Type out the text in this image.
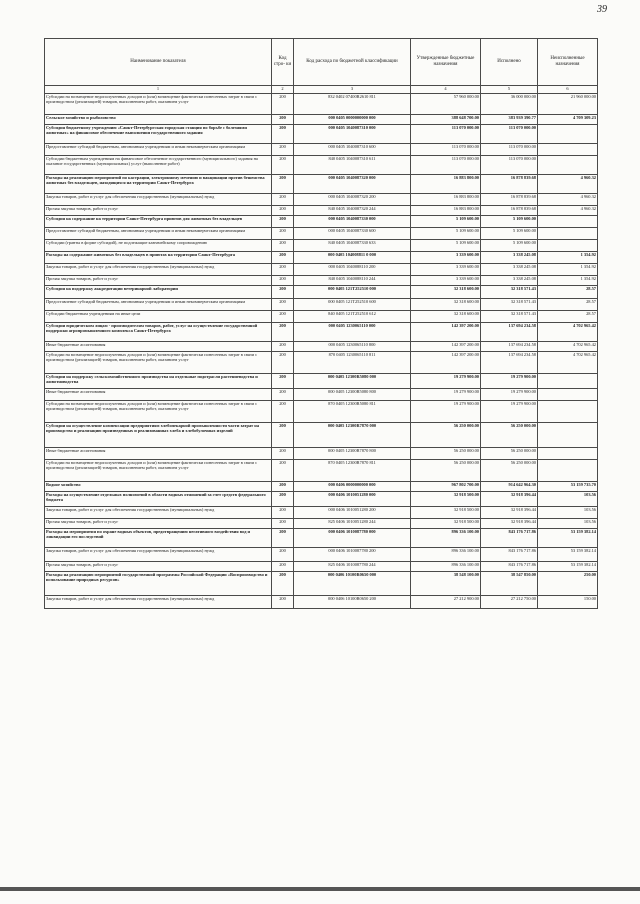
39
Наименование показателя	Код стро- ки	Код расхода по бюджетной классификации	Утвержденные бюджетные назначения	Исполнено	Неисполненные назначения
1	2	3	4	5	6
Субсидии на возмещение недополученных доходов и (или) возмещение фактически понесенных затрат в связи с производством (реализацией) товаров, выполнением работ, оказанием услуг	200	832 0402 07400R2610 811	57 960 000.00	36 000 000.00	21 960 000.00
Сельское хозяйство и рыболовство	200	000 0405 0000000000 000	388 648 700.00	383 939 390.77	4 709 309.23
Субсидия бюджетному учреждению «Санкт-Петербургская городская станция по борьбе с болезнями животных» на финансовое обеспечение выполнения государственного задания	200	000 0405 1040087310 000	113 070 000.00	113 070 000.00	
Предоставление субсидий бюджетным, автономным учреждениям и иным некоммерческим организациям	200	000 0405 1040087310 600	113 070 000.00	113 070 000.00	
Субсидии бюджетным учреждениям на финансовое обеспечение государственного (муниципального) задания на оказание государственных (муниципальных) услуг (выполнение работ)	200	840 0405 1040087310 611	113 070 000.00	113 070 000.00	
Расходы на реализацию мероприятий по кастрации, электронному мечению и вакцинации против бешенства животных без владельцев, находящихся на территории Санкт-Петербурга	200	000 0405 1040087320 000	16 883 800.00	16 878 839.68	4 960.32
Закупка товаров, работ и услуг для обеспечения государственных (муниципальных) нужд	200	000 0405 1040087320 200	16 883 800.00	16 878 839.68	4 960.32
Прочая закупка товаров, работ и услуг	200	840 0405 1040087320 244	16 883 800.00	16 878 839.68	4 960.32
Субсидия на содержание на территории Санкт-Петербурга приютов для животных без владельцев	200	000 0405 1040087330 000	5 109 600.00	5 109 600.00	
Предоставление субсидий бюджетным, автономным учреждениям и иным некоммерческим организациям	200	000 0405 1040087330 600	5 109 600.00	5 109 600.00	
Субсидии (гранты в форме субсидий), не подлежащие казначейскому сопровождению	200	840 0405 1040087330 633	5 109 600.00	5 109 600.00	
Расходы на содержание животных без владельцев в приютах на территории Санкт-Петербурга	200	000 0405 104008811 0 000	3 339 600.00	3 338 245.08	1 354.92
Закупка товаров, работ и услуг для обеспечения государственных (муниципальных) нужд	200	000 0405 1040088110 200	3 339 600.00	3 338 245.08	1 354.92
Прочая закупка товаров, работ и услуг	200	840 0405 1040088110 244	3 339 600.00	3 338 245.08	1 354.92
Субсидия на поддержку аккредитации ветеринарной лаборатории	200	000 0405 121T252510 000	32 318 600.00	32 318 571.43	28.57
Предоставление субсидий бюджетным, автономным учреждениям и иным некоммерческим организациям	200	000 0405 121T252510 600	32 318 600.00	32 318 571.43	28.57
Субсидии бюджетным учреждениям на иные цели	200	840 0405 121T252510 612	32 318 600.00	32 318 571.43	28.57
Субсидии юридическим лицам - производителям товаров, работ, услуг на осуществление государственной поддержки агропромышленного комплекса Санкт-Петербурга	200	000 0405 1230065110 000	142 397 200.00	137 694 234.58	4 702 965.42
Иные бюджетные ассигнования	200	000 0405 1230065110 800	142 397 200.00	137 694 234.58	4 702 965.42
Субсидии на возмещение недополученных доходов и (или) возмещение фактически понесенных затрат в связи с производством (реализацией) товаров, выполнением работ, оказанием услуг	200	870 0405 1230065110 811	142 397 200.00	137 694 234.58	4 702 965.42
Субсидии на поддержку сельскохозяйственного производства на отдельные подотрасли растениеводства и животноводства	200	000 0405 12300R5080 000	19 279 900.00	19 279 900.00	
Иные бюджетные ассигнования	200	000 0405 12300R5080 800	19 279 900.00	19 279 900.00	
Субсидии на возмещение недополученных доходов и (или) возмещение фактически понесенных затрат в связи с производством (реализацией) товаров, выполнением работ, оказанием услуг	200	870 0405 12300R5080 811	19 279 900.00	19 279 900.00	
Субсидии на осуществление компенсации предприятиям хлебопекарной промышленности части затрат на производство и реализацию произведенных и реализованных хлеба и хлебобулочных изделий	200	000 0405 12300R7870 000	56 250 000.00	56 250 000.00	
Иные бюджетные ассигнования	200	000 0405 12300R7870 800	56 250 000.00	56 250 000.00	
Субсидии на возмещение недополученных доходов и (или) возмещение фактически понесенных затрат в связи с производством (реализацией) товаров, выполнением работ, оказанием услуг	200	870 0405 12300R7870 811	56 250 000.00	56 250 000.00	
Водное хозяйство	200	000 0406 0000000000 000	967 802 700.00	914 642 964.30	53 159 735.70
Расходы на осуществление отдельных полномочий в области водных отношений за счет средств федерального бюджета	200	000 0406 1010051280 000	32 918 500.00	32 918 396.44	103.56
Закупка товаров, работ и услуг для обеспечения государственных (муниципальных) нужд	200	000 0406 1010051280 200	32 918 500.00	32 918 396.44	103.56
Прочая закупка товаров, работ и услуг	200	825 0406 1010051280 244	32 918 500.00	32 918 396.44	103.56
Расходы на мероприятия по охране водных объектов, предотвращению негативного воздействия вод и ликвидации его последствий	200	000 0406 1010087780 000	896 336 100.00	843 176 717.86	53 159 382.14
Закупка товаров, работ и услуг для обеспечения государственных (муниципальных) нужд	200	000 0406 1010087780 200	896 336 100.00	843 176 717.86	53 159 382.14
Прочая закупка товаров, работ и услуг	200	825 0406 1010087780 244	896 336 100.00	843 176 717.86	53 159 382.14
Расходы на реализацию мероприятий государственной программы Российской Федерации «Воспроизводство и использование природных ресурсов»	200	000 0406 10100R0650 000	38 548 100.00	38 547 850.00	250.00
Закупка товаров, работ и услуг для обеспечения государственных (муниципальных) нужд	200	000 0406 10100R0650 200	27 212 900.00	27 212 750.00	150.00
